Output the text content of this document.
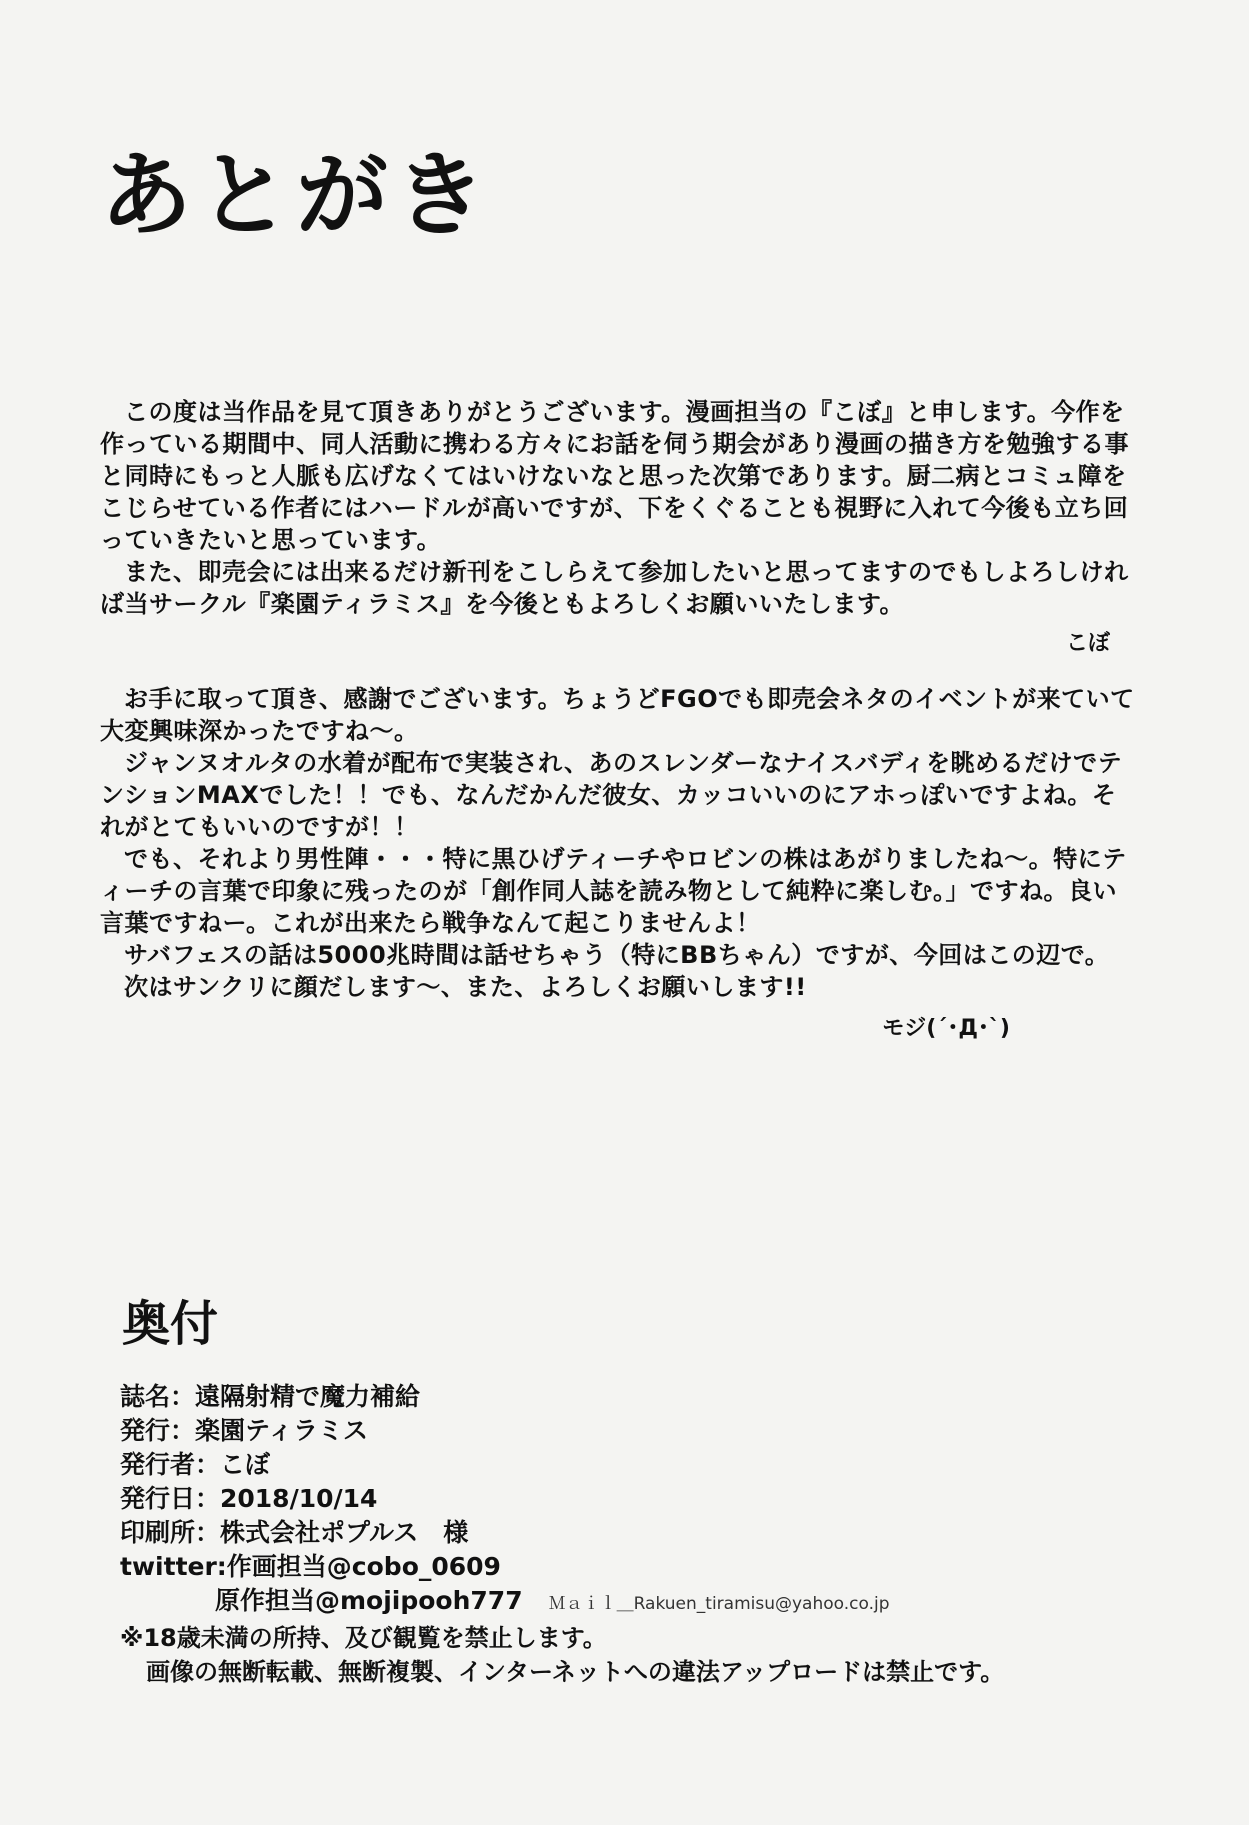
あとがき

この度は当作品を見て頂きありがとうございます。漫画担当の『こぼ』と申します。今作を作っている期間中、同人活動に携わる方々にお話を伺う期会があり漫画の描き方を勉強する事と同時にもっと人脈も広げなくてはいけないなと思った次第であります。厨二病とコミュ障をこじらせている作者にはハードルが高いですが、下をくぐることも視野に入れて今後も立ち回っていきたいと思っています。

また、即売会には出来るだけ新刊をこしらえて参加したいと思ってますのでもしよろしければ当サークル『楽園ティラミス』を今後ともよろしくお願いいたします。

こぼ

お手に取って頂き、感謝でございます。ちょうどFGOでも即売会ネタのイベントが来ていて大変興味深かったですね～。

ジャンヌオルタの水着が配布で実装され、あのスレンダーなナイスバディを眺めるだけでテンションMAXでした！！でも、なんだかんだ彼女、カッコいいのにアホっぽいですよね。それがとてもいいのですが！！

でも、それより男性陣・・・特に黒ひげティーチやロビンの株はあがりましたね～。特にティーチの言葉で印象に残ったのが「創作同人誌を読み物として純粋に楽しむ。」ですね。良い言葉ですねー。これが出来たら戦争なんて起こりませんよ！

サバフェスの話は5000兆時間は話せちゃう（特にBBちゃん）ですが、今回はこの辺で。

次はサンクリに顔だします～、また、よろしくお願いします!!

モジ(´･Д･`)

奥付
誌名：遠隔射精で魔力補給
発行：楽園ティラミス
発行者：こぼ
発行日：2018/10/14
印刷所：株式会社ポプルス　様
twitter:作画担当@cobo_0609
原作担当@mojipooh777 Ｍａｉｌ＿Rakuen_tiramisu@yahoo.co.jp
※18歳未満の所持、及び観覧を禁止します。
画像の無断転載、無断複製、インターネットへの違法アップロードは禁止です。
